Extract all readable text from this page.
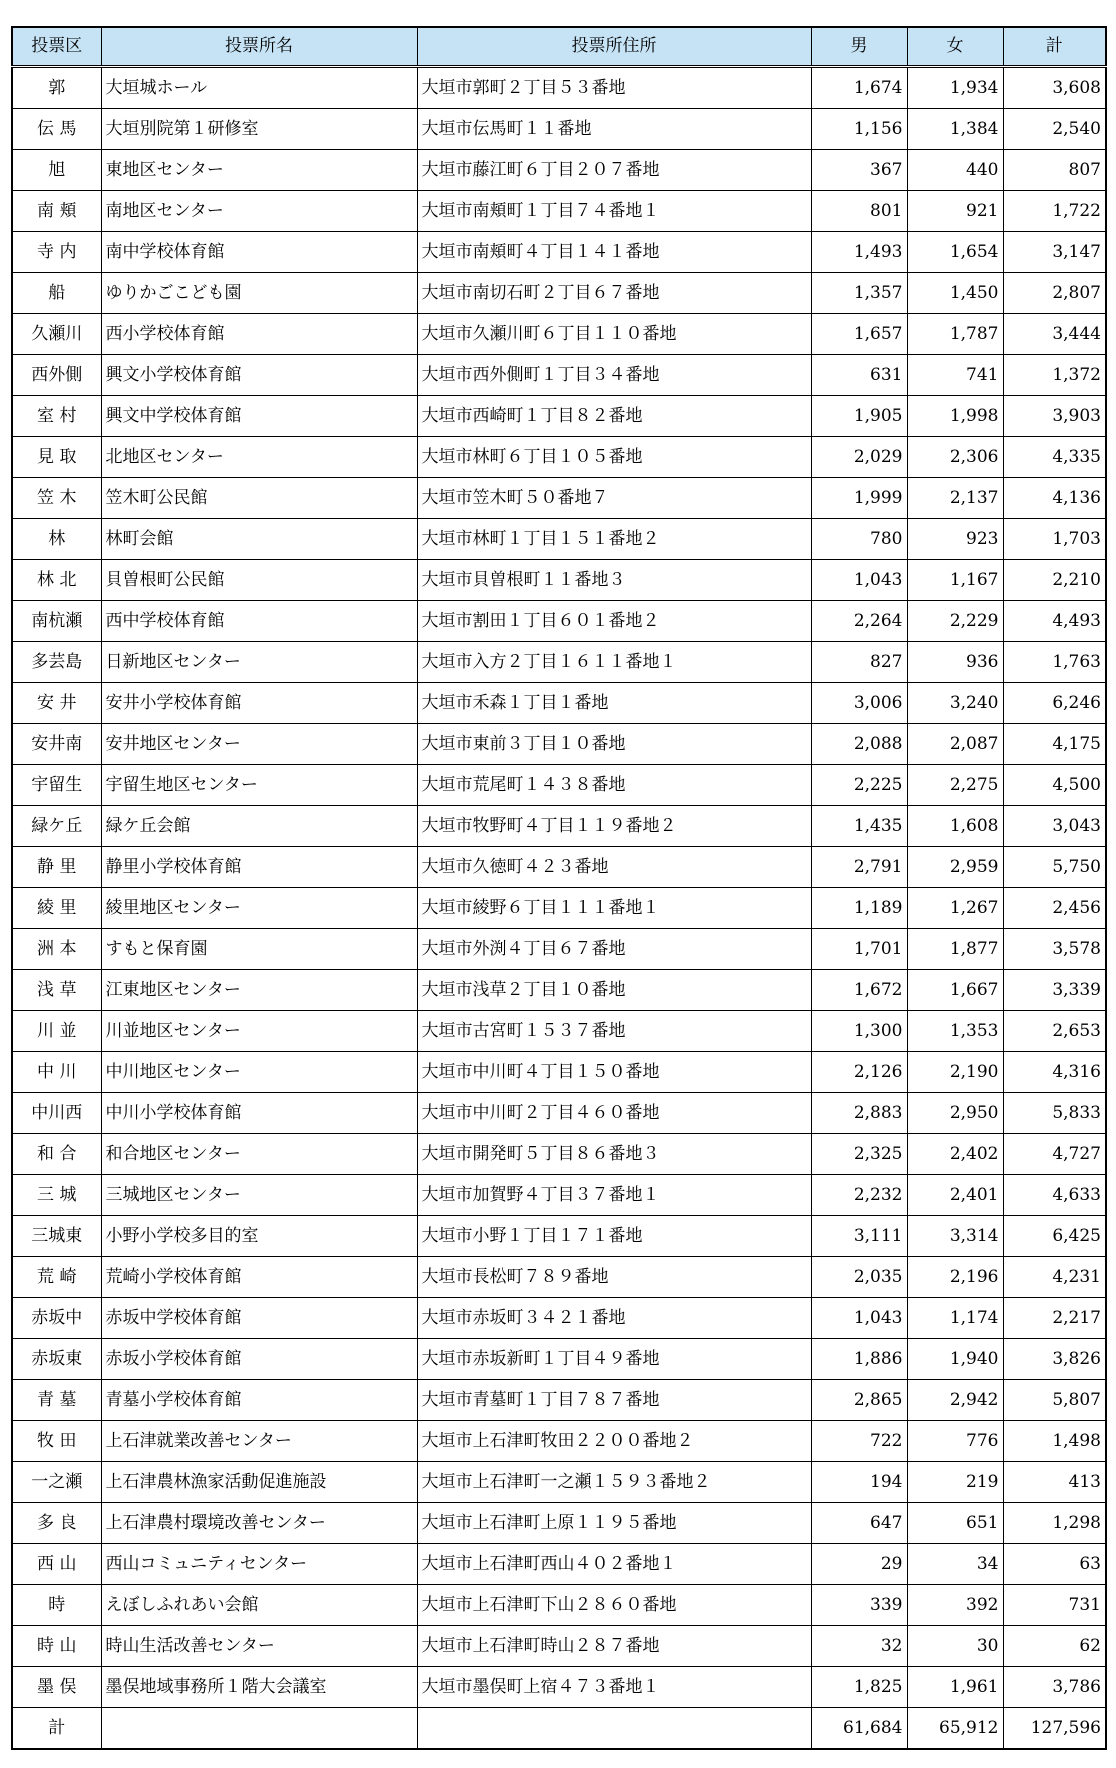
投票区	投票所名	投票所住所	男	女	計
郭	大垣城ホール	大垣市郭町２丁目５３番地	1,674	1,934	3,608
伝 馬	大垣別院第１研修室	大垣市伝馬町１１番地	1,156	1,384	2,540
旭	東地区センター	大垣市藤江町６丁目２０７番地	367	440	807
南 頬	南地区センター	大垣市南頬町１丁目７４番地１	801	921	1,722
寺 内	南中学校体育館	大垣市南頬町４丁目１４１番地	1,493	1,654	3,147
船	ゆりかごこども園	大垣市南切石町２丁目６７番地	1,357	1,450	2,807
久瀬川	西小学校体育館	大垣市久瀬川町６丁目１１０番地	1,657	1,787	3,444
西外側	興文小学校体育館	大垣市西外側町１丁目３４番地	631	741	1,372
室 村	興文中学校体育館	大垣市西崎町１丁目８２番地	1,905	1,998	3,903
見 取	北地区センター	大垣市林町６丁目１０５番地	2,029	2,306	4,335
笠 木	笠木町公民館	大垣市笠木町５０番地７	1,999	2,137	4,136
林	林町会館	大垣市林町１丁目１５１番地２	780	923	1,703
林 北	貝曽根町公民館	大垣市貝曽根町１１番地３	1,043	1,167	2,210
南杭瀬	西中学校体育館	大垣市割田１丁目６０１番地２	2,264	2,229	4,493
多芸島	日新地区センター	大垣市入方２丁目１６１１番地１	827	936	1,763
安 井	安井小学校体育館	大垣市禾森１丁目１番地	3,006	3,240	6,246
安井南	安井地区センター	大垣市東前３丁目１０番地	2,088	2,087	4,175
宇留生	宇留生地区センター	大垣市荒尾町１４３８番地	2,225	2,275	4,500
緑ケ丘	緑ケ丘会館	大垣市牧野町４丁目１１９番地２	1,435	1,608	3,043
静 里	静里小学校体育館	大垣市久徳町４２３番地	2,791	2,959	5,750
綾 里	綾里地区センター	大垣市綾野６丁目１１１番地１	1,189	1,267	2,456
洲 本	すもと保育園	大垣市外渕４丁目６７番地	1,701	1,877	3,578
浅 草	江東地区センター	大垣市浅草２丁目１０番地	1,672	1,667	3,339
川 並	川並地区センター	大垣市古宮町１５３７番地	1,300	1,353	2,653
中 川	中川地区センター	大垣市中川町４丁目１５０番地	2,126	2,190	4,316
中川西	中川小学校体育館	大垣市中川町２丁目４６０番地	2,883	2,950	5,833
和 合	和合地区センター	大垣市開発町５丁目８６番地３	2,325	2,402	4,727
三 城	三城地区センター	大垣市加賀野４丁目３７番地１	2,232	2,401	4,633
三城東	小野小学校多目的室	大垣市小野１丁目１７１番地	3,111	3,314	6,425
荒 崎	荒崎小学校体育館	大垣市長松町７８９番地	2,035	2,196	4,231
赤坂中	赤坂中学校体育館	大垣市赤坂町３４２１番地	1,043	1,174	2,217
赤坂東	赤坂小学校体育館	大垣市赤坂新町１丁目４９番地	1,886	1,940	3,826
青 墓	青墓小学校体育館	大垣市青墓町１丁目７８７番地	2,865	2,942	5,807
牧 田	上石津就業改善センター	大垣市上石津町牧田２２００番地２	722	776	1,498
一之瀬	上石津農林漁家活動促進施設	大垣市上石津町一之瀬１５９３番地２	194	219	413
多 良	上石津農村環境改善センター	大垣市上石津町上原１１９５番地	647	651	1,298
西 山	西山コミュニティセンター	大垣市上石津町西山４０２番地１	29	34	63
時	えぼしふれあい会館	大垣市上石津町下山２８６０番地	339	392	731
時 山	時山生活改善センター	大垣市上石津町時山２８７番地	32	30	62
墨 俣	墨俣地域事務所１階大会議室	大垣市墨俣町上宿４７３番地１	1,825	1,961	3,786
計			61,684	65,912	127,596
